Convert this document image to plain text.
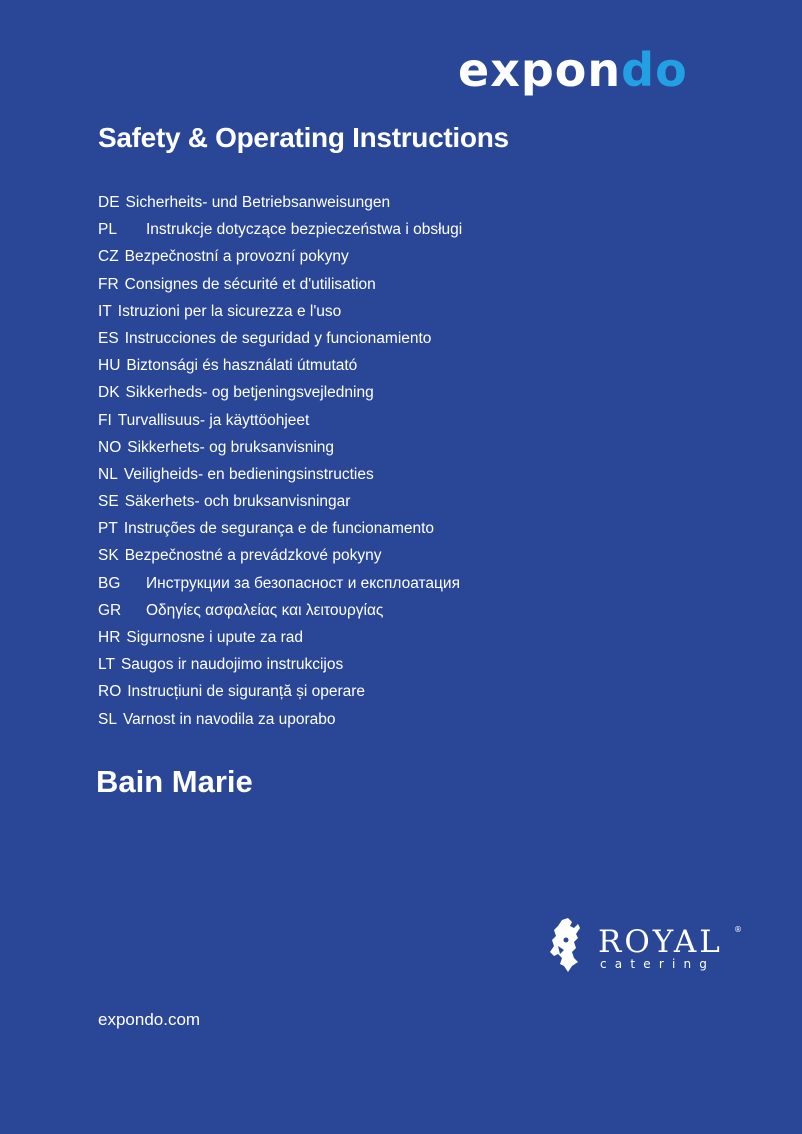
expondo
Safety & Operating Instructions
DE Sicherheits- und Betriebsanweisungen
PL	Instrukcje dotyczące bezpieczeństwa i obsługi
CZ Bezpečnostní a provozní pokyny
FR Consignes de sécurité et d'utilisation
IT Istruzioni per la sicurezza e l'uso
ES Instrucciones de seguridad y funcionamiento
HU Biztonsági és használati útmutató
DK Sikkerheds- og betjeningsvejledning
FI Turvallisuus- ja käyttöohjeet
NO Sikkerhets- og bruksanvisning
NL Veiligheids- en bedieningsinstructies
SE Säkerhets- och bruksanvisningar
PT Instruções de segurança e de funcionamento
SK Bezpečnostné a prevádzkové pokyny
BG	Инструкции за безопасност и експлоатация
GR	Οδηγίες ασφαλείας και λειτουργίας
HR Sigurnosne i upute za rad
LT Saugos ir naudojimo instrukcijos
RO Instrucțiuni de siguranță și operare
SL Varnost in navodila za uporabo
Bain Marie
ROYAL ®
catering
expondo.com
